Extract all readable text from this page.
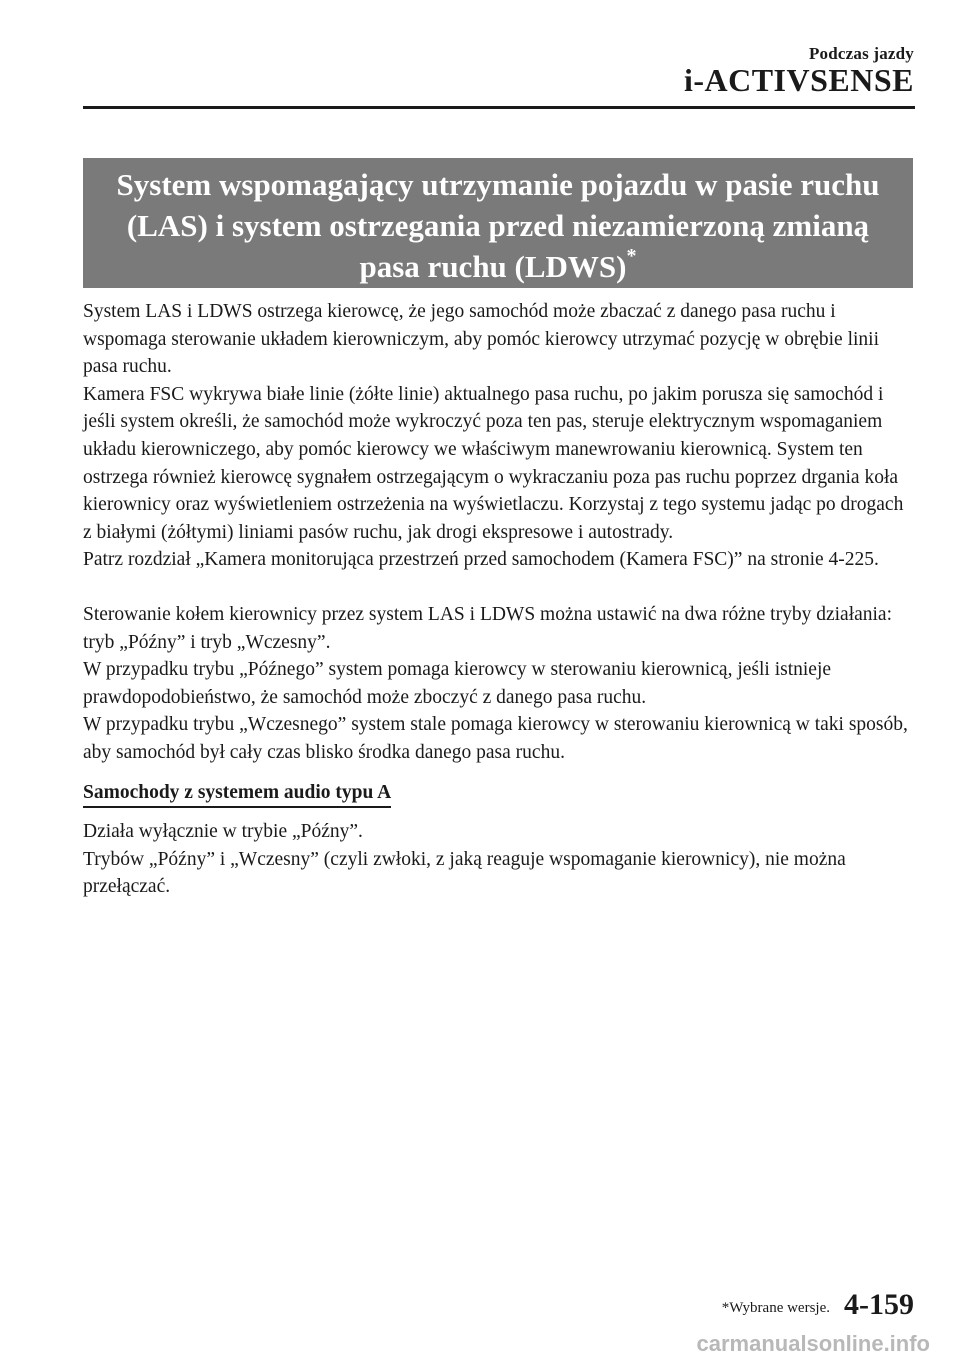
Podczas jazdy
i-ACTIVSENSE
System wspomagający utrzymanie pojazdu w pasie ruchu
(LAS) i system ostrzegania przed niezamierzoną zmianą
pasa ruchu (LDWS)*

System LAS i LDWS ostrzega kierowcę, że jego samochód może zbaczać z danego pasa ruchu i wspomaga sterowanie układem kierowniczym, aby pomóc kierowcy utrzymać pozycję w obrębie linii pasa ruchu.

Kamera FSC wykrywa białe linie (żółte linie) aktualnego pasa ruchu, po jakim porusza się samochód i jeśli system określi, że samochód może wykroczyć poza ten pas, steruje elektrycznym wspomaganiem układu kierowniczego, aby pomóc kierowcy we właściwym manewrowaniu kierownicą. System ten ostrzega również kierowcę sygnałem ostrzegającym o wykraczaniu poza pas ruchu poprzez drgania koła kierownicy oraz wyświetleniem ostrzeżenia na wyświetlaczu. Korzystaj z tego systemu jadąc po drogach z białymi (żółtymi) liniami pasów ruchu, jak drogi ekspresowe i autostrady.

Patrz rozdział „Kamera monitorująca przestrzeń przed samochodem (Kamera FSC)” na stronie 4-225.

Sterowanie kołem kierownicy przez system LAS i LDWS można ustawić na dwa różne tryby działania: tryb „Późny” i tryb „Wczesny”.

W przypadku trybu „Późnego” system pomaga kierowcy w sterowaniu kierownicą, jeśli istnieje prawdopodobieństwo, że samochód może zboczyć z danego pasa ruchu.

W przypadku trybu „Wczesnego” system stale pomaga kierowcy w sterowaniu kierownicą w taki sposób, aby samochód był cały czas blisko środka danego pasa ruchu.

Samochody z systemem audio typu A

Działa wyłącznie w trybie „Późny”.

Trybów „Późny” i „Wczesny” (czyli zwłoki, z jaką reaguje wspomaganie kierownicy), nie można przełączać.

*Wybrane wersje. 4-159
carmanualsonline.info
